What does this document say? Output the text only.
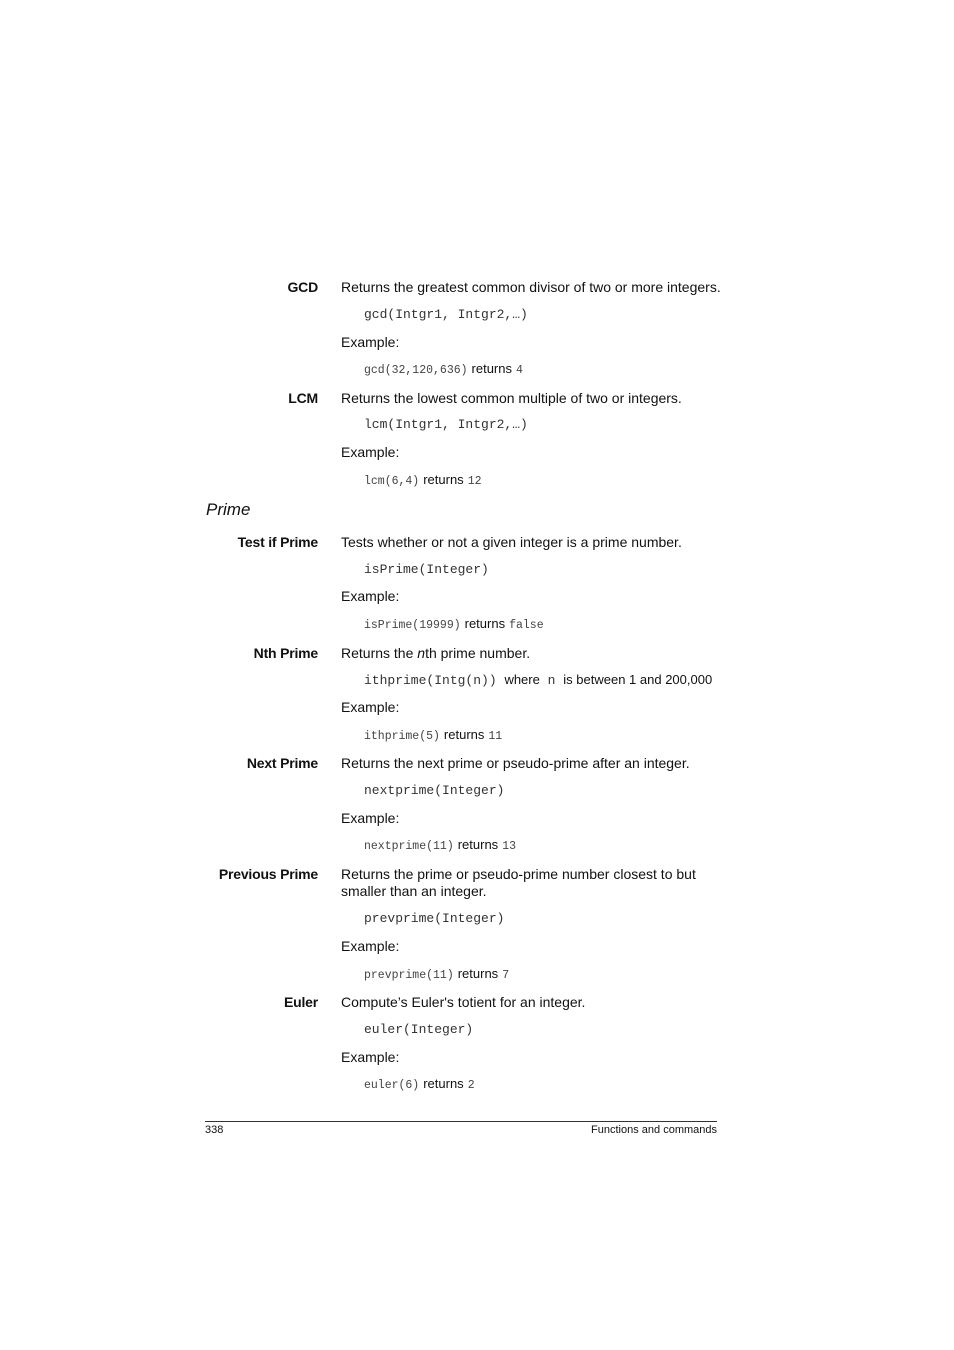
GCD Returns the greatest common divisor of two or more integers.
gcd(Intgr1, Intgr2,…)
Example:
gcd(32,120,636) returns 4
LCM Returns the lowest common multiple of two or integers.
lcm(Intgr1, Intgr2,…)
Example:
lcm(6,4) returns 12
Prime
Test if Prime Tests whether or not a given integer is a prime number.
isPrime(Integer)
Example:
isPrime(19999) returns false
Nth Prime Returns the nth prime number.
ithprime(Intg(n)) where n is between 1 and 200,000
Example:
ithprime(5) returns 11
Next Prime Returns the next prime or pseudo-prime after an integer.
nextprime(Integer)
Example:
nextprime(11) returns 13
Previous Prime Returns the prime or pseudo-prime number closest to but smaller than an integer.
prevprime(Integer)
Example:
prevprime(11) returns 7
Euler Compute’s Euler's totient for an integer.
euler(Integer)
Example:
euler(6) returns 2
338	Functions and commands
